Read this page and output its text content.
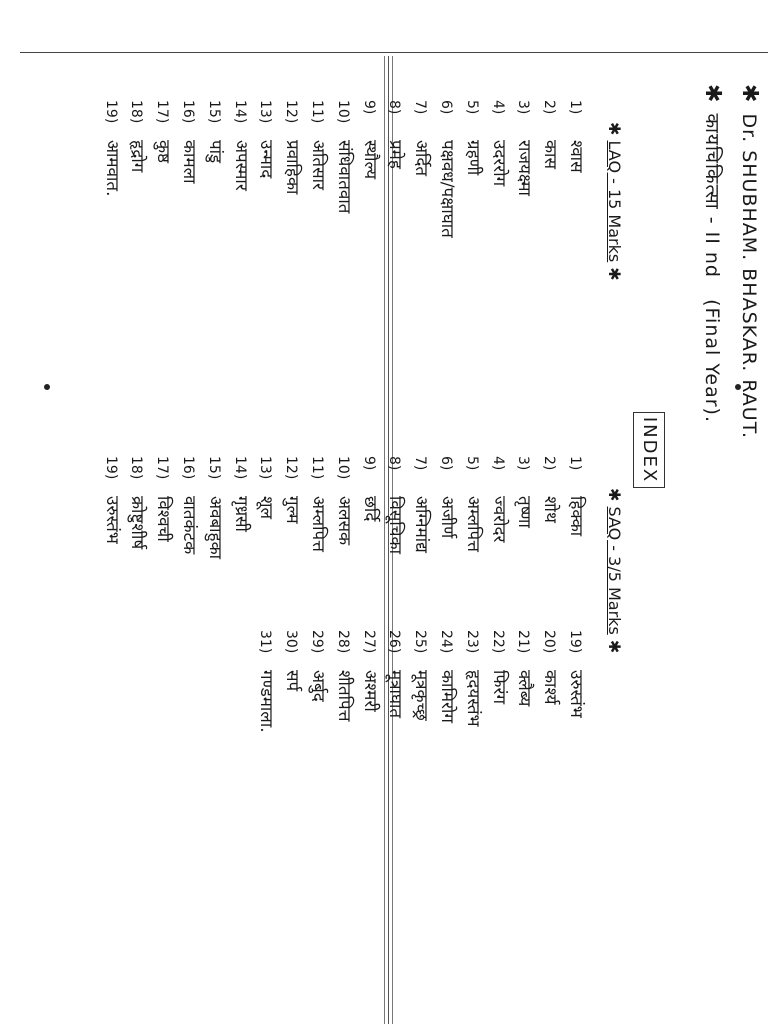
✱Dr. SHUBHAM. BHASKAR. RAUT.
✱कायचिकित्सा - II nd   (Final Year).
INDEX
✱ LAQ - 15 Marks ✱
1)श्वास
2)कास
3)राजयक्ष्मा
4)उदररोग
5)ग्रहणी
6)पक्षवध/पक्षाघात
7)अर्दित
8)प्रमेह
9)स्थौल्य
10)संधिवातवात
11)अतिसार
12)प्रवाहिका
13)उन्माद
14)अपस्मार
15)पांडु
16)कामला
17)कुष्ठ
18)हृद्रोग
19)आमवात.
✱ SAQ - 3/5 Marks ✱
1)हिक्का
2)शोथ
3)तृष्णा
4)ज्वरोदर
5)अम्लपित्त
6)अजीर्ण
7)अग्निमांद्य
8)विसूचिका
9)छर्दि
10)अलसक
11)अम्लपित्त
12)गुल्म
13)शूल
14)गृध्रसी
15)अवबाहुका
16)वातकंटक
17)विश्वची
18)क्रोष्टुशीर्ष
19)उरुस्तंभ
19)उरुस्तंभ
20)कार्श्य
21)क्लैब्य
22)फिरंग
23)हृदयस्तंभ
24)कामिरोग
25)मूत्रकृच्छ्र
26)मूत्राघात
27)अश्मरी
28)शीतपित्त
29)अर्बुद
30)सर्प
31)गण्डमाला.
